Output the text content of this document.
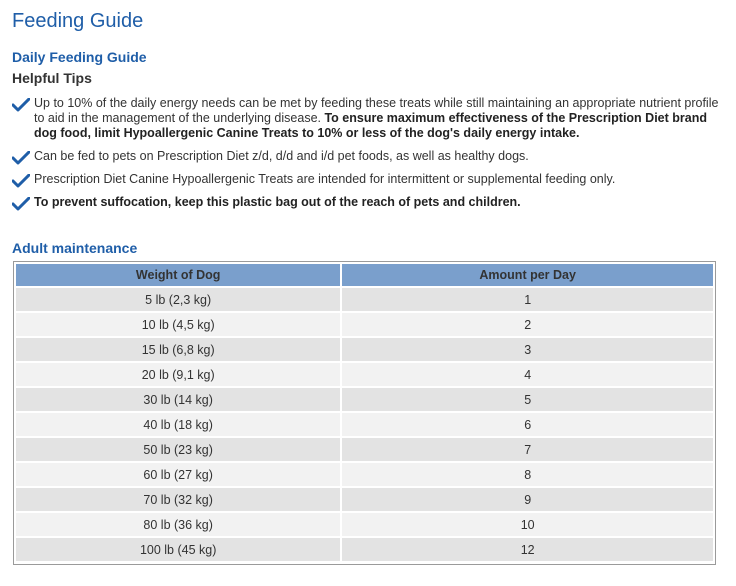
Feeding Guide
Daily Feeding Guide
Helpful Tips
Up to 10% of the daily energy needs can be met by feeding these treats while still maintaining an appropriate nutrient profile to aid in the management of the underlying disease. To ensure maximum effectiveness of the Prescription Diet brand dog food, limit Hypoallergenic Canine Treats to 10% or less of the dog's daily energy intake.
Can be fed to pets on Prescription Diet z/d, d/d and i/d pet foods, as well as healthy dogs.
Prescription Diet Canine Hypoallergenic Treats are intended for intermittent or supplemental feeding only.
To prevent suffocation, keep this plastic bag out of the reach of pets and children.
Adult maintenance
Weight of Dog	Amount per Day
5 lb (2,3 kg)	1
10 lb (4,5 kg)	2
15 lb (6,8 kg)	3
20 lb (9,1 kg)	4
30 lb (14 kg)	5
40 lb (18 kg)	6
50 lb (23 kg)	7
60 lb (27 kg)	8
70 lb (32 kg)	9
80 lb (36 kg)	10
100 lb (45 kg)	12
